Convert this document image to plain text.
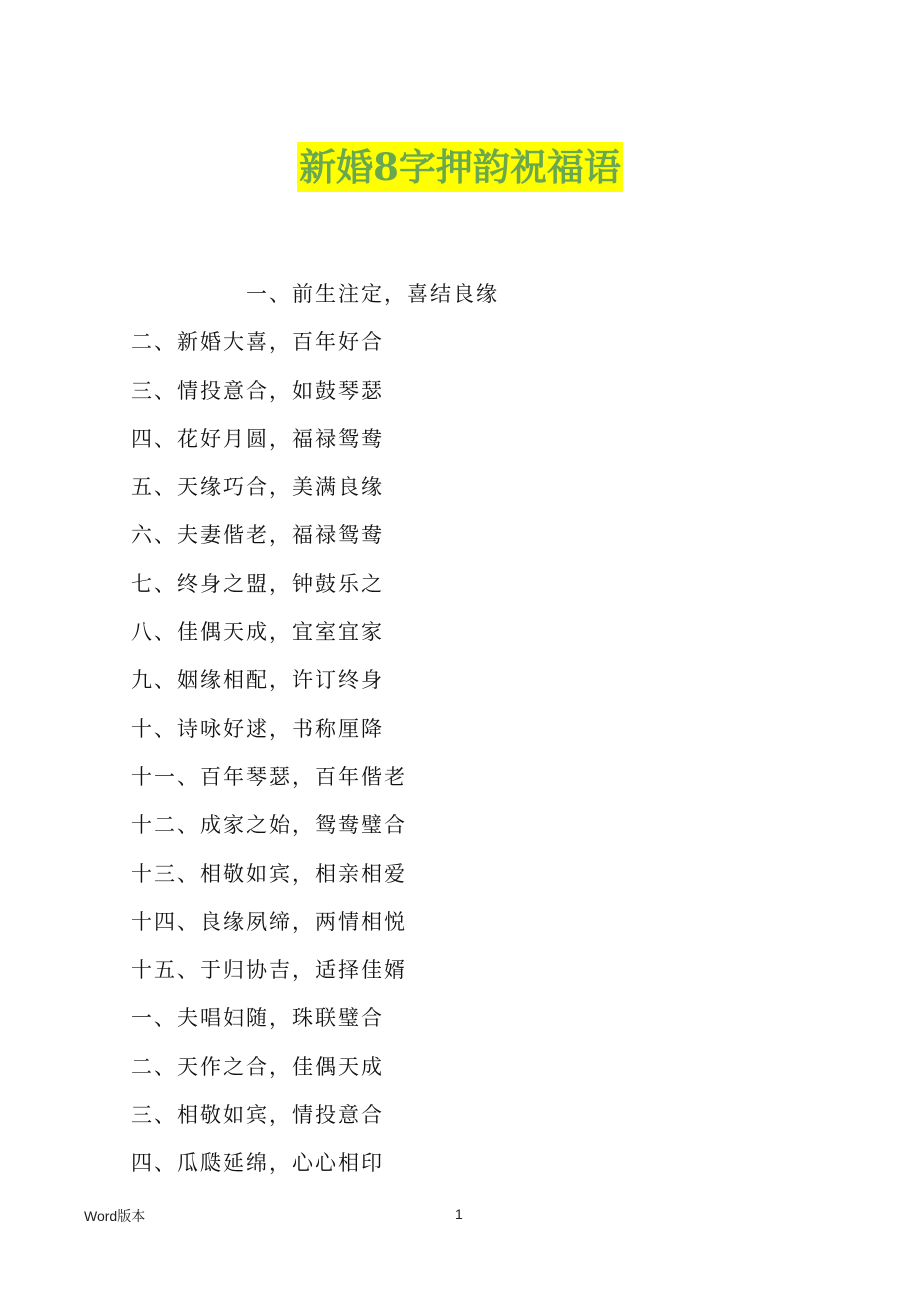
新婚8字押韵祝福语
一、前生注定，喜结良缘
二、新婚大喜，百年好合
三、情投意合，如鼓琴瑟
四、花好月圆，福禄鸳鸯
五、天缘巧合，美满良缘
六、夫妻偕老，福禄鸳鸯
七、终身之盟，钟鼓乐之
八、佳偶天成，宜室宜家
九、姻缘相配，许订终身
十、诗咏好逑，书称厘降
十一、百年琴瑟，百年偕老
十二、成家之始，鸳鸯璧合
十三、相敬如宾，相亲相爱
十四、良缘夙缔，两情相悦
十五、于归协吉，适择佳婿
一、夫唱妇随，珠联璧合
二、天作之合，佳偶天成
三、相敬如宾，情投意合
四、瓜瓞延绵，心心相印
Word版本	1
